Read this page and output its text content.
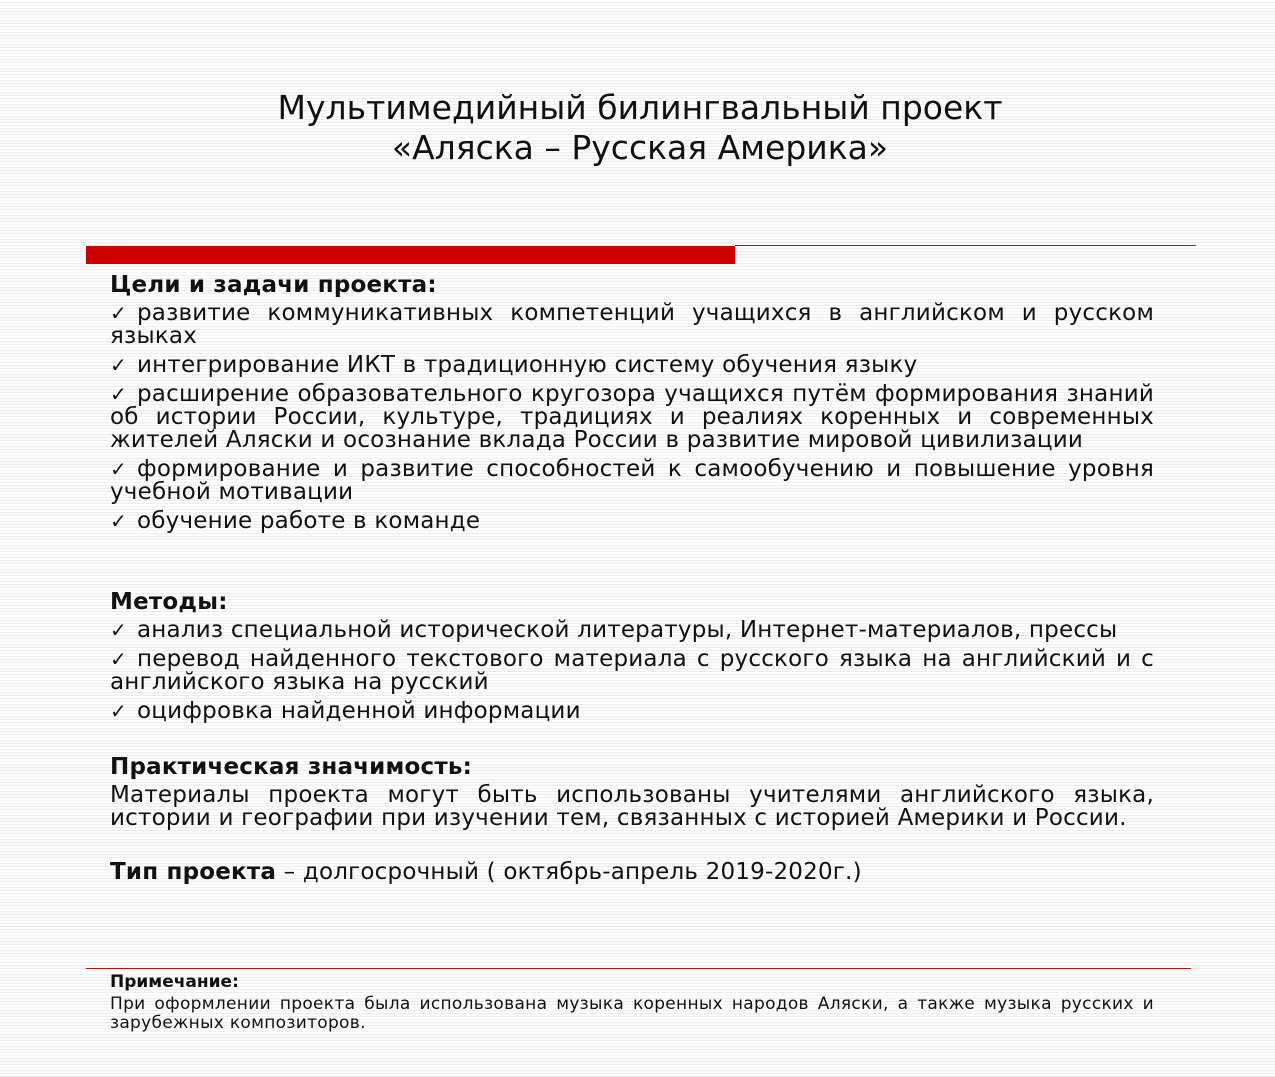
Мультимедийный билингвальный проект
«Аляска – Русская Америка»

Цели и задачи проекта:

✓ развитие коммуникативных компетенций учащихся в английском и русском языках
✓ интегрирование ИКТ в традиционную систему обучения языку
✓ расширение образовательного кругозора учащихся путём формирования знаний об истории России, культуре, традициях и реалиях коренных и современных жителей Аляски и осознание вклада России в развитие мировой цивилизации
✓ формирование и развитие способностей к самообучению и повышение уровня учебной мотивации
✓ обучение работе в команде

Методы:

✓ анализ специальной исторической литературы, Интернет-материалов, прессы
✓ перевод найденного текстового материала с русского языка на английский и с английского языка на русский
✓ оцифровка найденной информации

Практическая значимость:

Материалы проекта могут быть использованы учителями английского языка, истории и географии при изучении тем, связанных с историей Америки и России.

Тип проекта – долгосрочный ( октябрь-апрель 2019-2020г.)

Примечание:

При оформлении проекта была использована музыка коренных народов Аляски, а также музыка русских и зарубежных композиторов.
